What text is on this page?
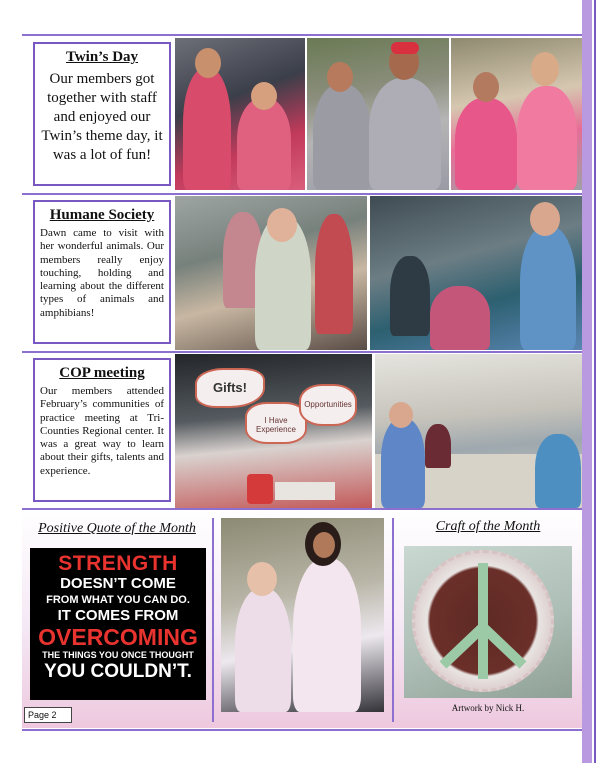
Twin’s Day
Our members got together with staff and enjoyed our Twin’s theme day, it was a lot of fun!
Humane Society
Dawn came to visit with her wonderful animals. Our members really enjoy touching, holding and learning about the different types of animals and amphibians!
COP meeting
Our members attended February’s communities of practice meeting at Tri-Counties Regional center. It was a great way to learn about their gifts, talents and experience.
Gifts!
I Have Experience
Opportunities
Positive Quote of the Month
STRENGTH
DOESN’T COME
FROM WHAT YOU CAN DO.
IT COMES FROM
OVERCOMING
THE THINGS YOU ONCE THOUGHT
YOU COULDN’T.
Craft of the Month
Artwork by Nick H.
Page 2
